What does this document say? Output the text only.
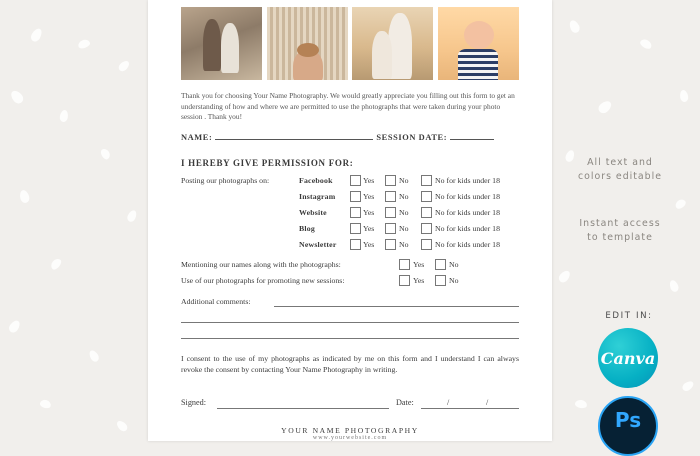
Thank you for choosing Your Name Photography. We would greatly appreciate you filling out this form to get an understanding of how and where we are permitted to use the photographs that were taken during your photo session . Thank you!
NAME:	SESSION DATE:
I HEREBY GIVE PERMISSION FOR:
Posting our photographs on:	Facebook	Yes	No	No for kids under 18
Instagram	Yes	No	No for kids under 18
Website	Yes	No	No for kids under 18
Blog	Yes	No	No for kids under 18
Newsletter	Yes	No	No for kids under 18
Mentioning our names along with the photographs:	Yes	No
Use of our photographs for promoting new sessions:	Yes	No
Additional comments:
I consent to the use of my photographs as indicated by me on this form and I understand I can always revoke the consent by contacting Your Name Photography in writing.
Signed:	Date:	/	/
YOUR NAME PHOTOGRAPHY
www.yourwebsite.com
All text and
colors editable
Instant access
to template
EDIT IN:
Canva
Ps
